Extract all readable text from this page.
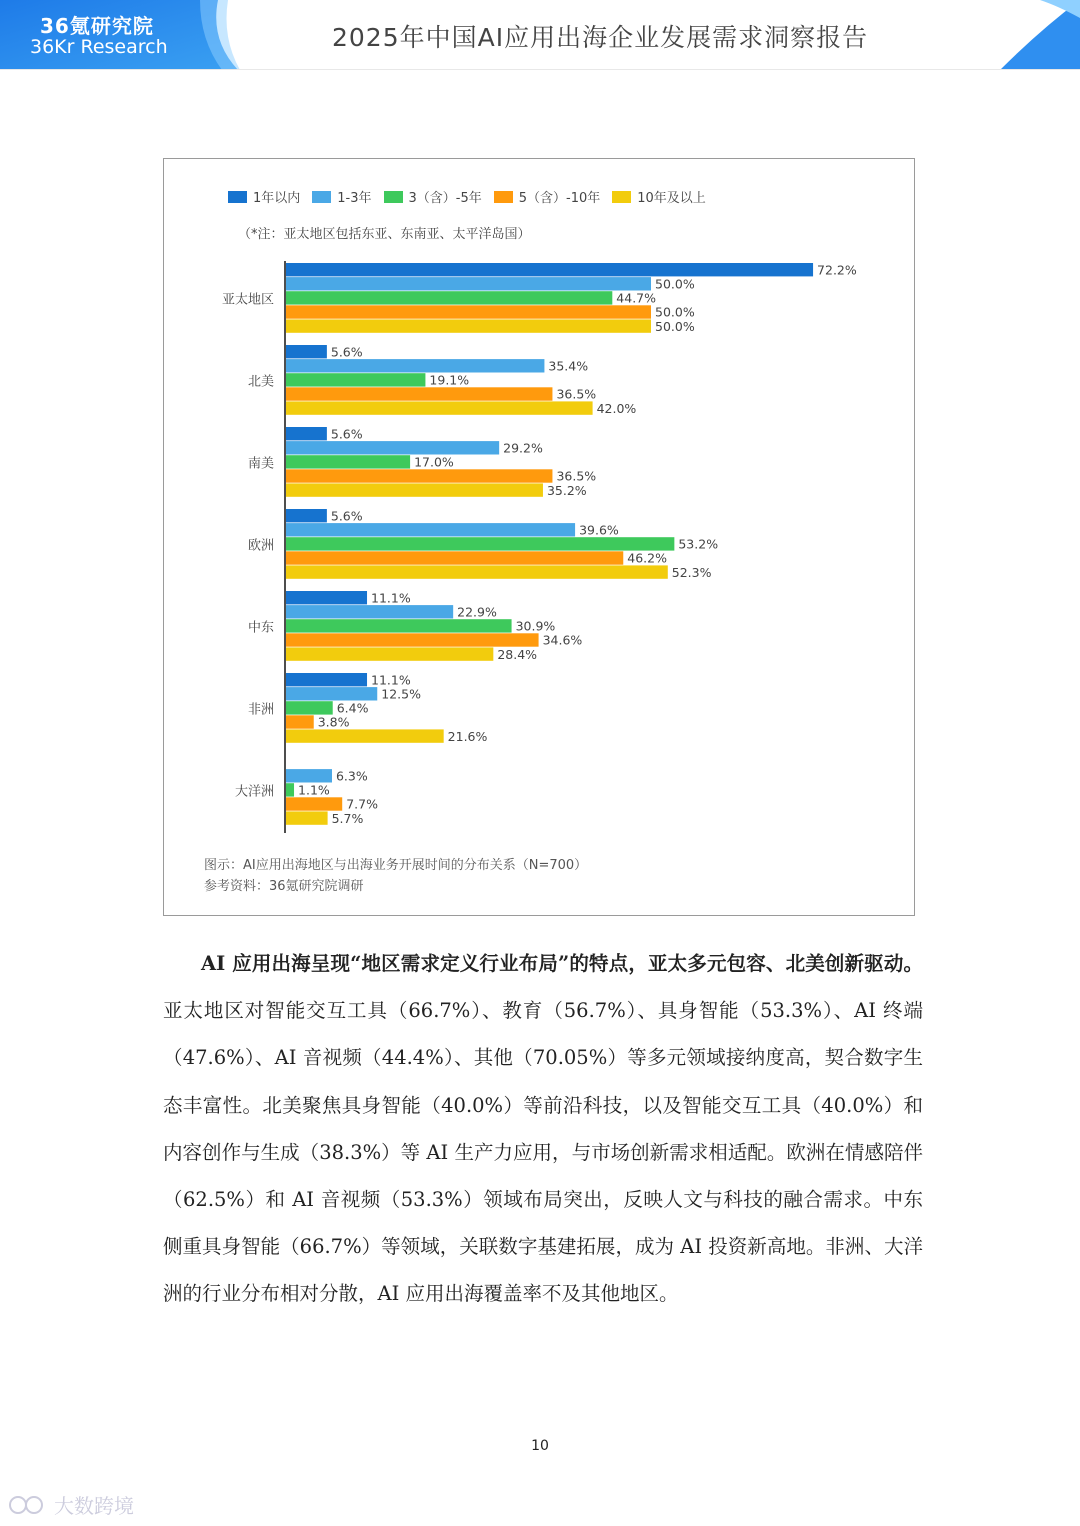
36氪研究院
36Kr Research	2025年中国AI应用出海企业发展需求洞察报告
1年以内	1-3年	3（含）-5年	5（含）-10年	10年及以上
（*注：亚太地区包括东亚、东南亚、太平洋岛国）
亚太地区
72.2%
50.0%
44.7%
50.0%
50.0%
北美
5.6%
35.4%
19.1%
36.5%
42.0%
南美
5.6%
29.2%
17.0%
36.5%
35.2%
欧洲
5.6%
39.6%
53.2%
46.2%
52.3%
中东
11.1%
22.9%
30.9%
34.6%
28.4%
非洲
11.1%
12.5%
6.4%
3.8%
21.6%
大洋洲
6.3%
1.1%
7.7%
5.7%
图示：AI应用出海地区与出海业务开展时间的分布关系（N=700）
参考资料：36氪研究院调研
AI 应用出海呈现“地区需求定义行业布局”的特点，亚太多元包容、北美创新驱动。亚太地区对智能交互工具（66.7%）、教育（56.7%）、具身智能（53.3%）、AI 终端（47.6%）、AI 音视频（44.4%）、其他（70.05%）等多元领域接纳度高，契合数字生态丰富性。北美聚焦具身智能（40.0%）等前沿科技，以及智能交互工具（40.0%）和内容创作与生成（38.3%）等 AI 生产力应用，与市场创新需求相适配。欧洲在情感陪伴（62.5%）和 AI 音视频（53.3%）领域布局突出，反映人文与科技的融合需求。中东侧重具身智能（66.7%）等领域，关联数字基建拓展，成为 AI 投资新高地。非洲、大洋洲的行业分布相对分散，AI 应用出海覆盖率不及其他地区。
10
大数跨境
